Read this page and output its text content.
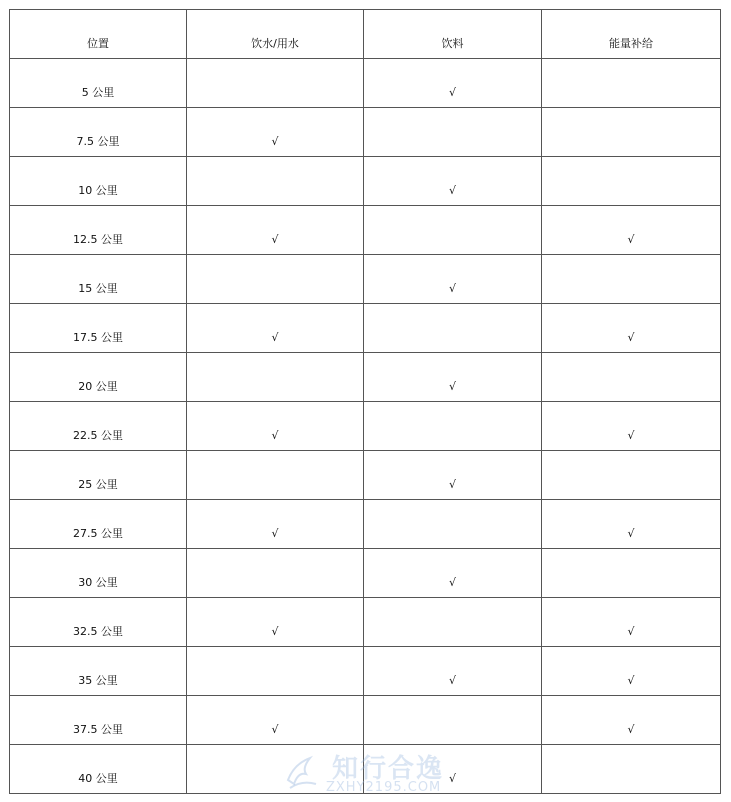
位置	饮水/用水	饮料	能量补给
5 公里		√	
7.5 公里	√		
10 公里		√	
12.5 公里	√		√
15 公里		√	
17.5 公里	√		√
20 公里		√	
22.5 公里	√		√
25 公里		√	
27.5 公里	√		√
30 公里		√	
32.5 公里	√		√
35 公里		√	√
37.5 公里	√		√
40 公里		√	
知行合逸
ZXHY2195.COM
